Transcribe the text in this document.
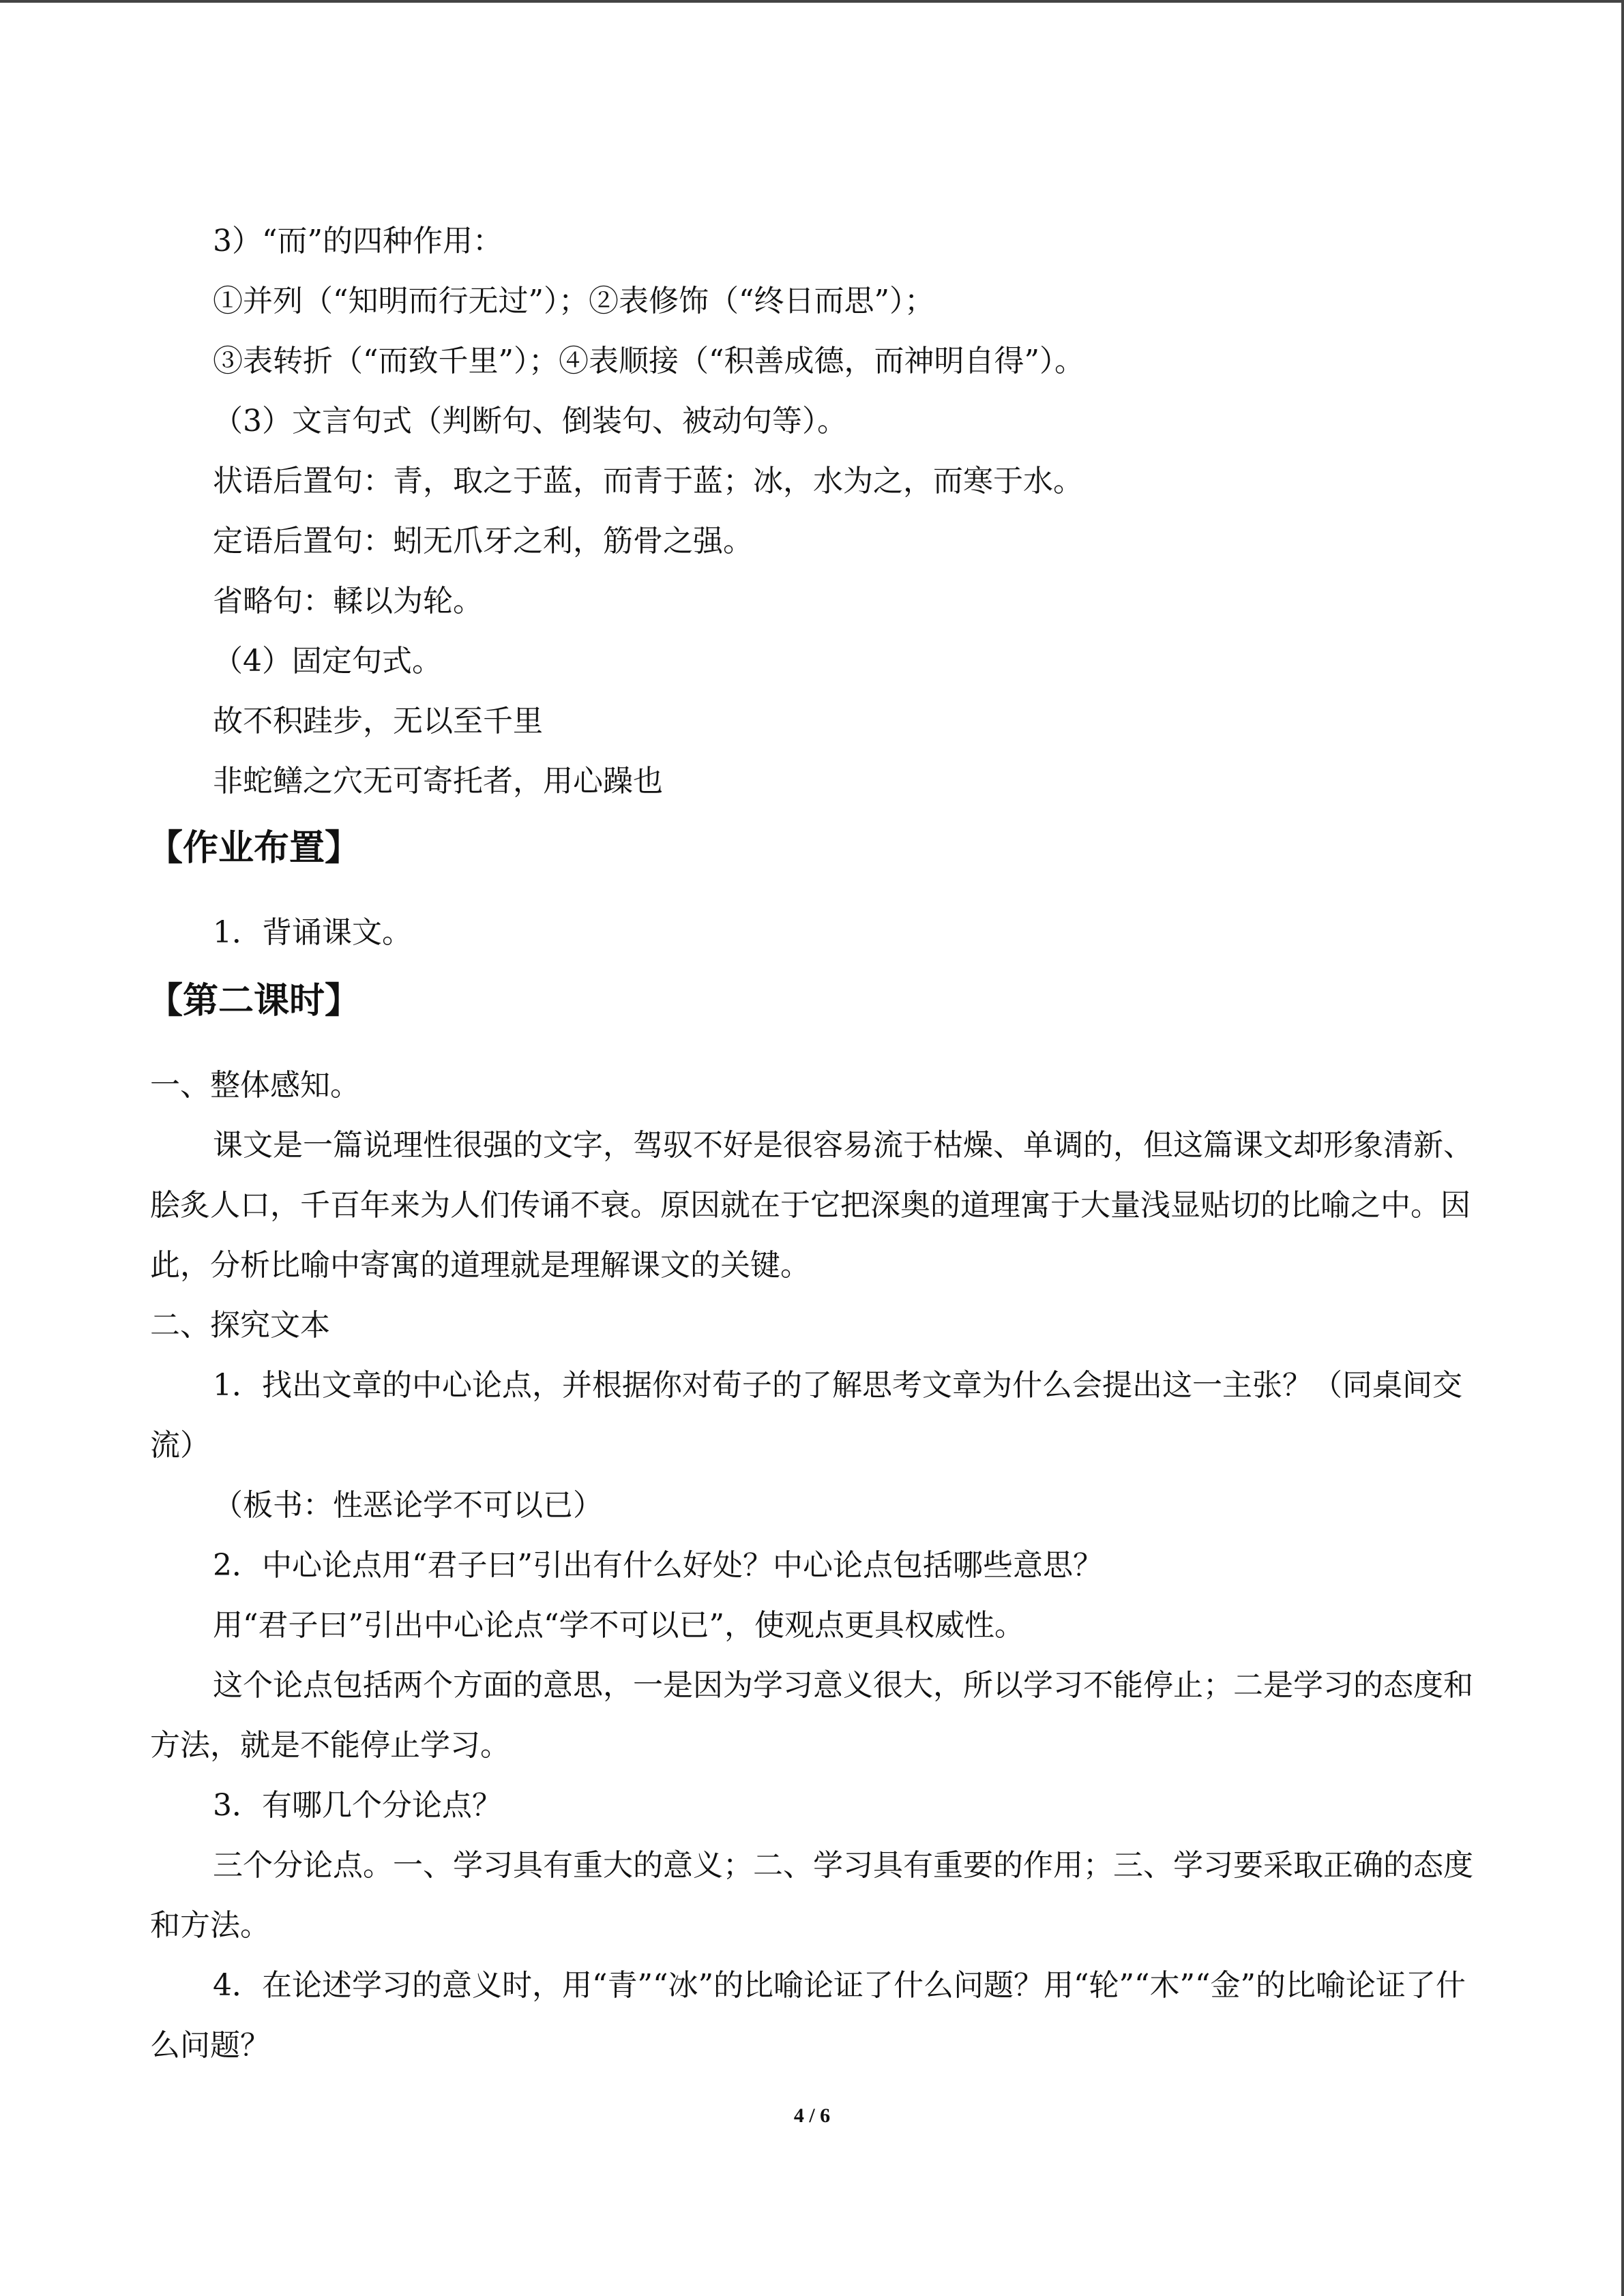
3）“而”的四种作用：

①并列（“知明而行无过”）；②表修饰（“终日而思”）；

③表转折（“而致千里”）；④表顺接（“积善成德，而神明自得”）。

（3）文言句式（判断句、倒装句、被动句等）。

状语后置句：青，取之于蓝，而青于蓝；冰，水为之，而寒于水。

定语后置句：蚓无爪牙之利，筋骨之强。

省略句：輮以为轮。

（4）固定句式。

故不积跬步，无以至千里

非蛇鳝之穴无可寄托者，用心躁也

【作业布置】

1．背诵课文。

【第二课时】

一、整体感知。

课文是一篇说理性很强的文字，驾驭不好是很容易流于枯燥、单调的，但这篇课文却形象清新、脍炙人口，千百年来为人们传诵不衰。原因就在于它把深奥的道理寓于大量浅显贴切的比喻之中。因此，分析比喻中寄寓的道理就是理解课文的关键。

二、探究文本

1．找出文章的中心论点，并根据你对荀子的了解思考文章为什么会提出这一主张？（同桌间交流）

（板书：性恶论学不可以已）

2．中心论点用“君子曰”引出有什么好处？中心论点包括哪些意思？

用“君子曰”引出中心论点“学不可以已”，使观点更具权威性。

这个论点包括两个方面的意思，一是因为学习意义很大，所以学习不能停止；二是学习的态度和方法，就是不能停止学习。

3．有哪几个分论点？

三个分论点。一、学习具有重大的意义；二、学习具有重要的作用；三、学习要采取正确的态度和方法。

4．在论述学习的意义时，用“青”“冰”的比喻论证了什么问题？用“轮”“木”“金”的比喻论证了什么问题？

4 / 6
